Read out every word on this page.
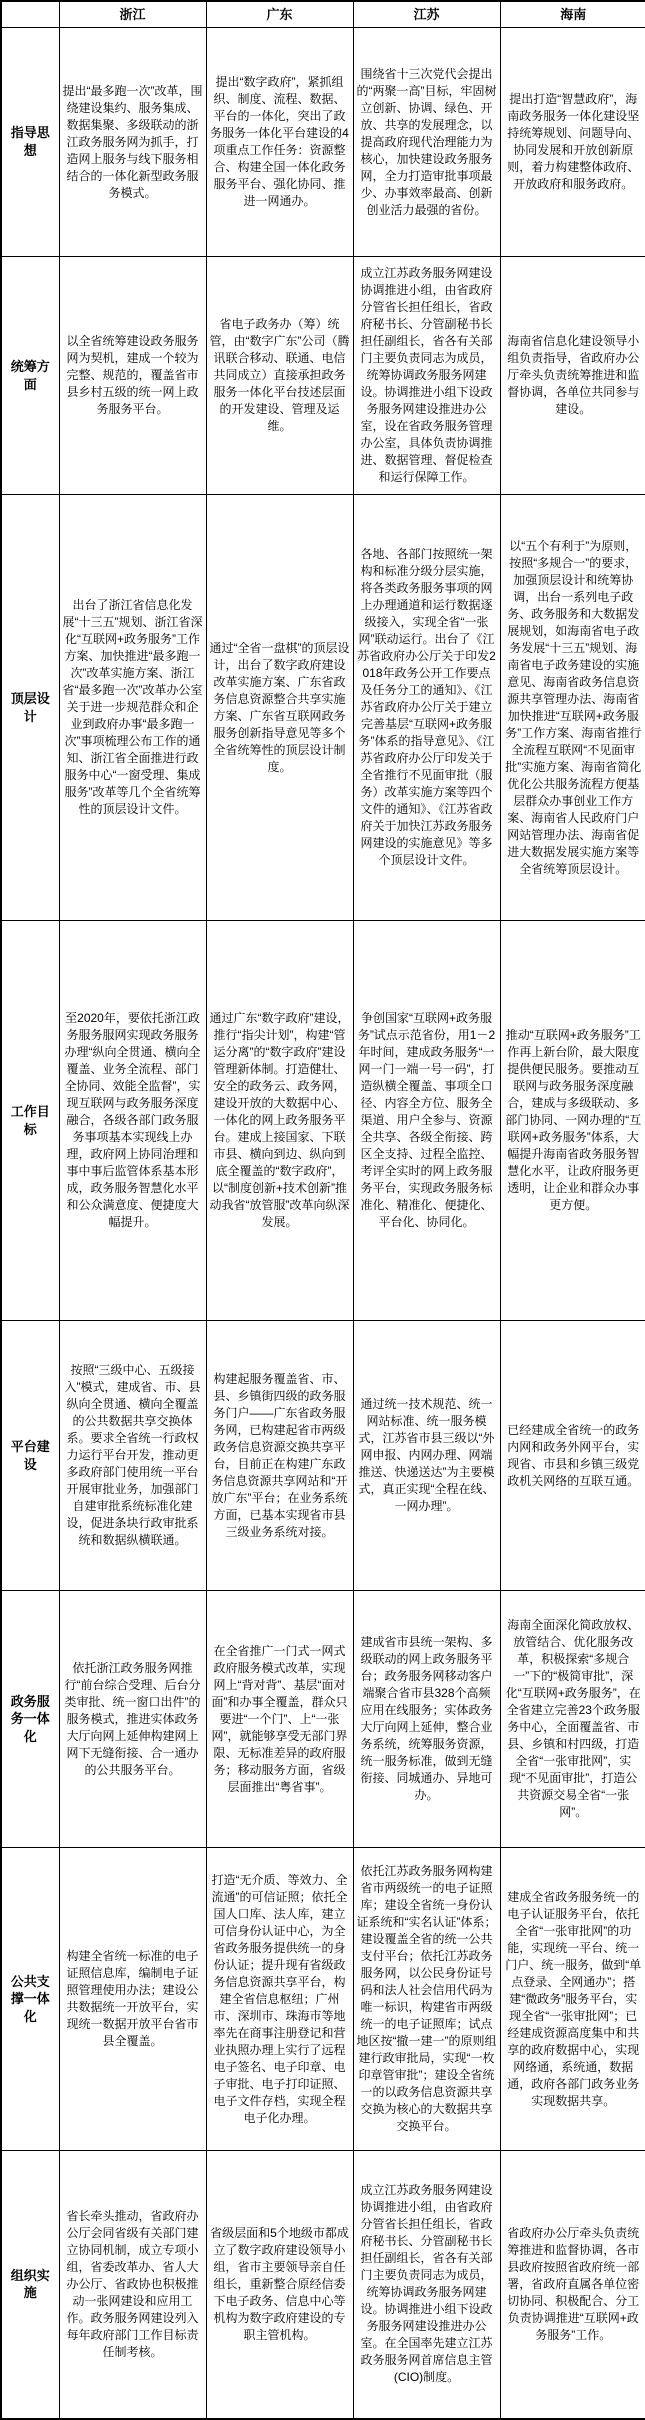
	浙江	广东	江苏	海南
指导思想	提出“最多跑一次”改革，围绕建设集约、服务集成、数据集聚、多级联动的浙江政务服务网为抓手，打造网上服务与线下服务相结合的一体化新型政务服务模式。	提出“数字政府”，紧抓组织、制度、流程、数据、平台的一体化，突出了政务服务一体化平台建设的4项重点工作任务：资源整合、构建全国一体化政务服务平台、强化协同、推进一网通办。	围绕省十三次党代会提出的“两聚一高”目标，牢固树立创新、协调、绿色、开放、共享的发展理念，以提高政府现代治理能力为核心，加快建设政务服务网，全力打造审批事项最少、办事效率最高、创新创业活力最强的省份。	提出打造“智慧政府”，海南政务服务一体化建设坚持统筹规划、问题导向、协同发展和开放创新原则，着力构建整体政府、开放政府和服务政府。
统筹方面	以全省统筹建设政务服务网为契机，建成一个较为完整、规范的，覆盖省市县乡村五级的统一网上政务服务平台。	省电子政务办（筹）统管，由“数字广东”公司（腾讯联合移动、联通、电信共同成立）直接承担政务服务一体化平台技述层面的开发建设、管理及运维。	成立江苏政务服务网建设协调推进小组，由省政府分管省长担任组长，省政府秘书长、分管副秘书长担任副组长，省各有关部门主要负责同志为成员，统筹协调政务服务网建设。协调推进小组下设政务服务网建设推进办公室，设在省政务服务管理办公室，具体负责协调推进、数据管理、督促检查和运行保障工作。	海南省信息化建设领导小组负责指导，省政府办公厅牵头负责统筹推进和监督协调，各单位共同参与建设。
顶层设计	出台了浙江省信息化发展“十三五”规划、浙江省深化“互联网+政务服务”工作方案、加快推进“最多跑一次”改革实施方案、浙江省“最多跑一次”改革办公室关于进一步规范群众和企业到政府办事“最多跑一次”事项梳理公布工作的通知、浙江省全面推进行政服务中心“一窗受理、集成服务”改革等几个全省统筹性的顶层设计文件。	通过“全省一盘棋”的顶层设计，出台了数字政府建设改革实施方案、广东省政务信息资源整合共享实施方案、广东省互联网政务服务创新指导意见等多个全省统筹性的顶层设计制度。	各地、各部门按照统一架构和标准分级分层实施，将各类政务服务事项的网上办理通道和运行数据逐级接入，实现全省“一张网”联动运行。出台了《江苏省政府办公厅关于印发2018年政务公开工作要点及任务分工的通知》、《江苏省政府办公厅关于建立完善基层“互联网+政务服务”体系的指导意见》、《江苏省政府办公厅印发关于全省推行不见面审批（服务）改革实施方案等四个文件的通知》、《江苏省政府关于加快江苏政务服务网建设的实施意见》等多个顶层设计文件。	以“五个有利于”为原则，按照“多规合一”的要求，加强顶层设计和统筹协调，出台一系列电子政务、政务服务和大数据发展规划，如海南省电子政务发展“十三五”规划、海南省电子政务建设的实施意见、海南省政务信息资源共享管理办法、海南省加快推进“互联网+政务服务”工作方案、海南省推行全流程互联网“不见面审批”实施方案、海南省简化优化公共服务流程方便基层群众办事创业工作方案、海南省人民政府门户网站管理办法、海南省促进大数据发展实施方案等全省统筹顶层设计。
工作目标	至2020年，要依托浙江政务服务服网实现政务服务办理“纵向全贯通、横向全覆盖、业务全流程、部门全协同、效能全监督”，实现互联网与政务服务深度融合，各级各部门政务服务事项基本实现线上办理，政府网上协同治理和事中事后监管体系基本形成，政务服务智慧化水平和公众满意度、便捷度大幅提升。	通过广东“数字政府”建设，推行“指尖计划”，构建“管运分离”的“数字政府”建设管理新体制。打造健壮、安全的政务云、政务网，建设开放的大数据中心、一体化的网上政务服务平台。建成上接国家、下联市县、横向到边、纵向到底全覆盖的“数字政府”，以“制度创新+技术创新”推动我省“放管服”改革向纵深发展。	争创国家“互联网+政务服务”试点示范省份，用1－2年时间，建成政务服务“一网一门一端一号一码”，打造纵横全覆盖、事项全口径、内容全方位、服务全渠道、用户全参与、资源全共享、各级全衔接、跨区全支持、过程全监控、考评全实时的网上政务服务平台，实现政务服务标准化、精准化、便捷化、平台化、协同化。	推动“互联网+政务服务”工作再上新台阶，最大限度提供便民服务。要推动互联网与政务服务深度融合，建成与多级联动、多部门协同、一网办理的“互联网+政务服务”体系，大幅提升海南省政务服务智慧化水平，让政府服务更透明，让企业和群众办事更方便。
平台建设	按照“三级中心、五级接入”模式，建成省、市、县纵向全贯通、横向全覆盖的公共数据共享交换体系。要求全省统一行政权力运行平台开发，推动更多政府部门使用统一平台开展审批业务，加强部门自建审批系统标准化建设，促进条块行政审批系统和数据纵横联通。	构建起服务覆盖省、市、县、乡镇街四级的政务服务门户——广东省政务服务网，已构建起省市两级政务信息资源交换共享平台，目前正在构建广东政务信息资源共享网站和“开放广东”平台；在业务系统方面，已基本实现省市县三级业务系统对接。	通过统一技术规范、统一网站标准、统一服务模式，江苏省市县三级以“外网申报、内网办理、网端推送、快递送达”为主要模式，真正实现“全程在线、一网办理”。	已经建成全省统一的政务内网和政务外网平台，实现省、市县和乡镇三级党政机关网络的互联互通。
政务服务一体化	依托浙江政务服务网推行“前台综合受理、后台分类审批、统一窗口出件”的服务模式，推进实体政务大厅向网上延伸构建网上网下无缝衔接、合一通办的公共服务平台。	在全省推广一门式一网式政府服务模式改革，实现网上“背对背”、基层“面对面”和办事全覆盖，群众只要进“一个门”、上“一张网”，就能够享受无部门界限、无标准差异的政府服务；移动服务方面，省级层面推出“粤省事”。	建成省市县统一架构、多级联动的网上政务服务平台；政务服务网移动客户端聚合省市县328个高频应用在线服务；实体政务大厅向网上延伸，整合业务系统，统筹服务资源，统一服务标准，做到无缝衔接、同城通办、异地可办。	海南全面深化简政放权、放管结合、优化服务改革，积极探索“多规合一”下的“极简审批”，深化“互联网+政务服务”，在全省建立完善23个政务服务中心，全面覆盖省、市县、乡镇和村四级，打造全省“一张审批网”，实现“不见面审批”，打造公共资源交易全省“一张网”。
公共支撑一体化	构建全省统一标准的电子证照信息库，编制电子证照管理使用办法；建设公共数据统一开放平台，实现统一数据开放平台省市县全覆盖。	打造“无介质、等效力、全流通”的可信证照；依托全国人口库、法人库，建立可信身份认证中心，为全省政务服务提供统一的身份认证；提升现有省级政务信息资源共享平台，构建全省信息枢纽；广州市、深圳市、珠海市等地率先在商事注册登记和营业执照办理上实行了远程电子签名、电子印章、电子审批、电子打印证照、电子文件存档，实现全程电子化办理。	依托江苏政务服务网构建省市两级统一的电子证照库；建设全省统一身份认证系统和“实名认证”体系；建设覆盖全省的统一公共支付平台；依托江苏政务服务网，以公民身份证号码和法人社会信用代码为唯一标识，构建省市两级统一的电子证照库；试点地区按“撤一建一”的原则组建行政审批局，实现“一枚印章管审批”；建设全省统一的以政务信息资源共享交换为核心的大数据共享交换平台。	建成全省政务服务统一的电子认证服务平台，依托全省“一张审批网”的功能，实现统一平台、统一门户、统一服务，做到“单点登录、全网通办”；搭建“微政务”服务平台，实现全省“一张审批网”；已经建成资源高度集中和共享的政府数据中心，实现网络通，系统通，数据通，政府各部门政务业务实现数据共享。
组织实施	省长牵头推动，省政府办公厅会同省级有关部门建立协同机制，成立专项小组，省委改革办、省人大办公厅、省政协也积极推动一张网建设和应用工作。政务服务网建设列入每年政府部门工作目标责任制考核。	省级层面和5个地级市都成立了数字政府建设领导小组，省市主要领导亲自任组长，重新整合原经信委下电子政务、信息中心等机构为数字政府建设的专职主管机构。	成立江苏政务服务网建设协调推进小组，由省政府分管省长担任组长，省政府秘书长、分管副秘书长担任副组长，省各有关部门主要负责同志为成员，统筹协调政务服务网建设。协调推进小组下设政务服务网建设推进办公室。在全国率先建立江苏政务服务网首席信息主管(CIO)制度。	省政府办公厅牵头负责统筹推进和监督协调，各市县政府按照省政府统一部署，省政府直属各单位密切协同、积极配合、分工负责协调推进“互联网+政务服务”工作。
